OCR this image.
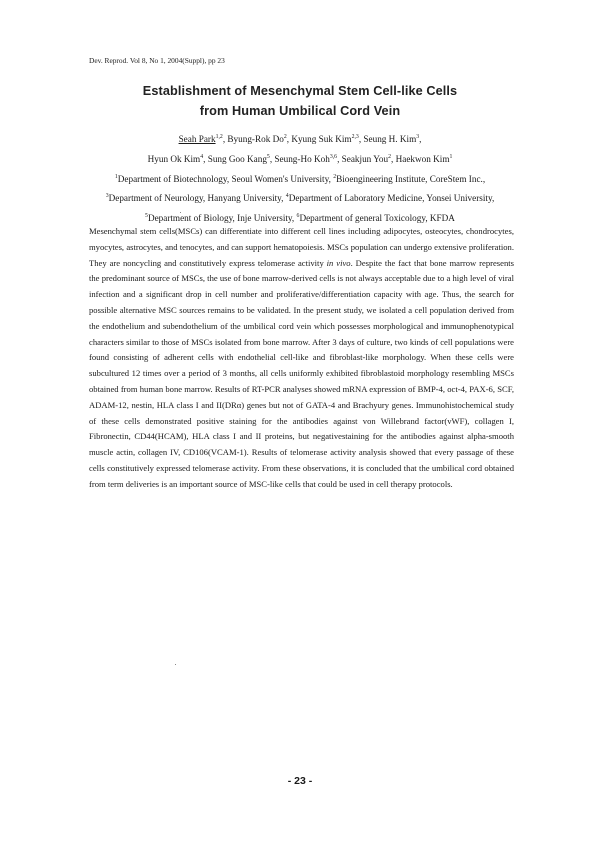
Dev. Reprod. Vol 8, No 1, 2004(Suppl), pp 23
Establishment of Mesenchymal Stem Cell-like Cells
from Human Umbilical Cord Vein
Seah Park$^{1,2}$, Byung-Rok Do$^2$, Kyung Suk Kim$^{2,3}$, Seung H. Kim$^3$,
Hyun Ok Kim$^4$, Sung Goo Kang$^5$, Seung-Ho Koh$^{3,6}$, Seakjun You$^2$, Haekwon Kim$^1$
$^1$Department of Biotechnology, Seoul Women's University, $^2$Bioengineering Institute, CoreStem Inc.,
$^3$Department of Neurology, Hanyang University, $^4$Department of Laboratory Medicine, Yonsei University,
$^5$Department of Biology, Inje University, $^6$Department of general Toxicology, KFDA
Mesenchymal stem cells(MSCs) can differentiate into different cell lines including adipocytes, osteocytes, chondrocytes, myocytes, astrocytes, and tenocytes, and can support hematopoiesis. MSCs population can undergo extensive proliferation. They are noncycling and constitutively express telomerase activity in vivo. Despite the fact that bone marrow represents the predominant source of MSCs, the use of bone marrow-derived cells is not always acceptable due to a high level of viral infection and a significant drop in cell number and proliferative/differentiation capacity with age. Thus, the search for possible alternative MSC sources remains to be validated. In the present study, we isolated a cell population derived from the endothelium and subendothelium of the umbilical cord vein which possesses morphological and immunophenotypical characters similar to those of MSCs isolated from bone marrow. After 3 days of culture, two kinds of cell populations were found consisting of adherent cells with endothelial cell-like and fibroblast-like morphology. When these cells were subcultured 12 times over a period of 3 months, all cells uniformly exhibited fibroblastoid morphology resembling MSCs obtained from human bone marrow. Results of RT-PCR analyses showed mRNA expression of BMP-4, oct-4, PAX-6, SCF, ADAM-12, nestin, HLA class I and II(DRα) genes but not of GATA-4 and Brachyury genes. Immunohistochemical study of these cells demonstrated positive staining for the antibodies against von Willebrand factor(vWF), collagen I, Fibronectin, CD44(HCAM), HLA class I and II proteins, but negativestaining for the antibodies against alpha-smooth muscle actin, collagen IV, CD106(VCAM-1). Results of telomerase activity analysis showed that every passage of these cells constitutively expressed telomerase activity. From these observations, it is concluded that the umbilical cord obtained from term deliveries is an important source of MSC-like cells that could be used in cell therapy protocols.
- 23 -
